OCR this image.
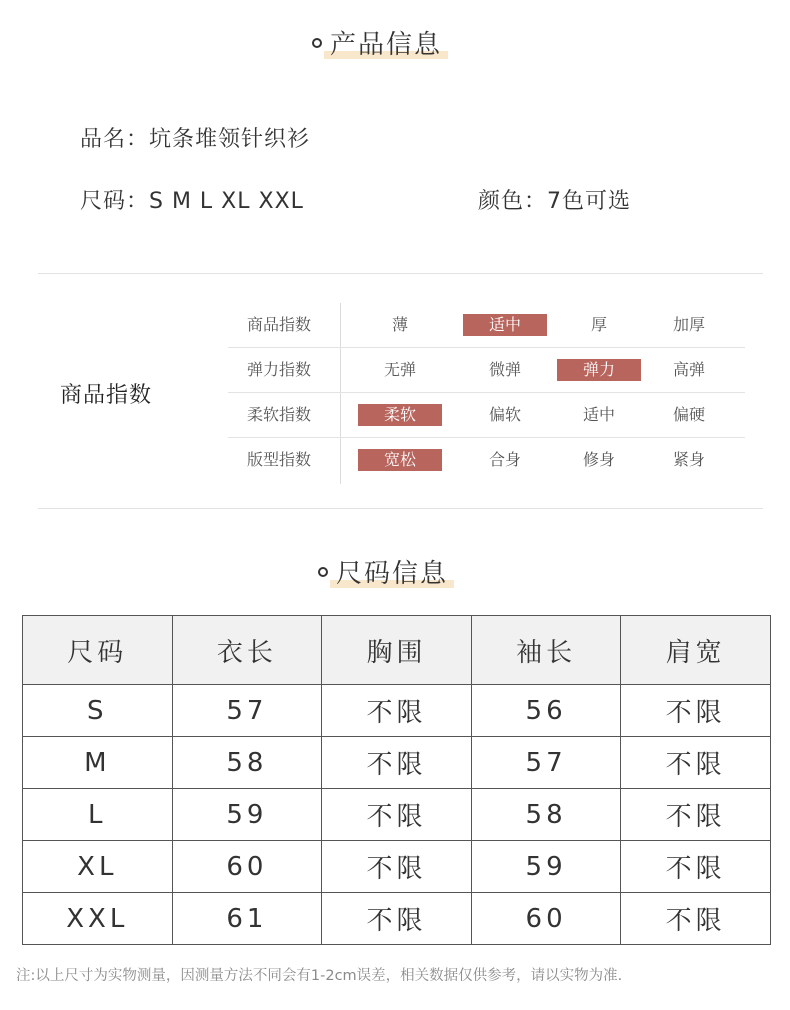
产品信息
品名：坑条堆领针织衫
尺码：S M L XL XXL	颜色：7色可选
商品指数
商品指数	薄	适中	厚	加厚
弹力指数	无弹	微弹	弹力	高弹
柔软指数	柔软	偏软	适中	偏硬
版型指数	宽松	合身	修身	紧身
尺码信息
尺码	衣长	胸围	袖长	肩宽
S	57	不限	56	不限
M	58	不限	57	不限
L	59	不限	58	不限
XL	60	不限	59	不限
XXL	61	不限	60	不限
注:以上尺寸为实物测量，因测量方法不同会有1-2cm误差，相关数据仅供参考，请以实物为准.
